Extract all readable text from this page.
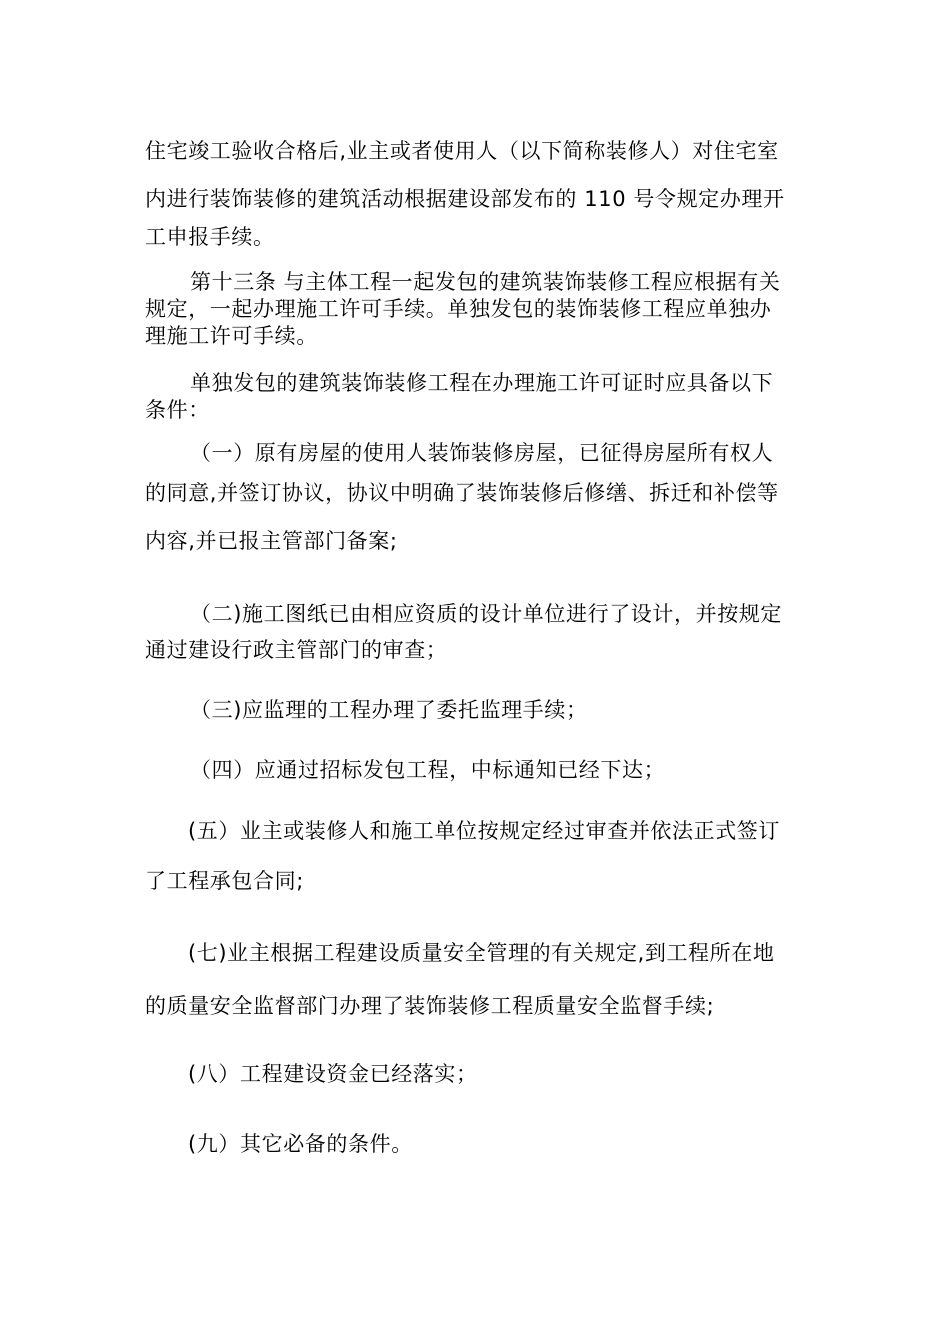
住宅竣工验收合格后,业主或者使用人（以下简称装修人）对住宅室
内进行装饰装修的建筑活动根据建设部发布的 110 号令规定办理开
工申报手续。
第十三条 与主体工程一起发包的建筑装饰装修工程应根据有关
规定，一起办理施工许可手续。单独发包的装饰装修工程应单独办
理施工许可手续。
单独发包的建筑装饰装修工程在办理施工许可证时应具备以下
条件：
（一）原有房屋的使用人装饰装修房屋，已征得房屋所有权人
的同意,并签订协议，协议中明确了装饰装修后修缮、拆迁和补偿等
内容,并已报主管部门备案;
（二)施工图纸已由相应资质的设计单位进行了设计，并按规定
通过建设行政主管部门的审查；
（三)应监理的工程办理了委托监理手续；
（四）应通过招标发包工程，中标通知已经下达；
(五）业主或装修人和施工单位按规定经过审查并依法正式签订
了工程承包合同;
(七)业主根据工程建设质量安全管理的有关规定,到工程所在地
的质量安全监督部门办理了装饰装修工程质量安全监督手续;
(八）工程建设资金已经落实；
(九）其它必备的条件。
